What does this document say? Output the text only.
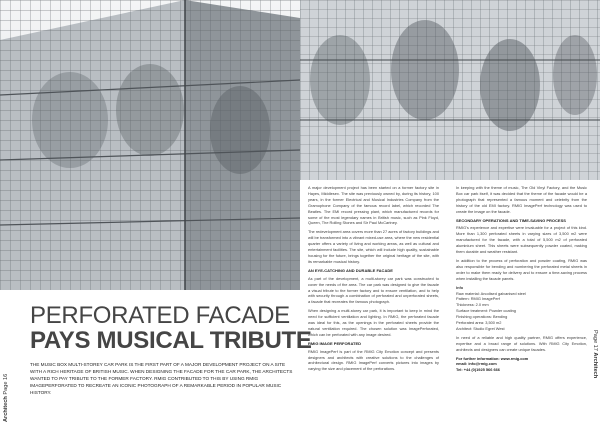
Architech Page 16
Page 17 Architech
PERFORATED FACADE
PAYS MUSICAL TRIBUTE
THE MUSIC BOX MULTI-STOREY CAR PARK IS THE FIRST PART OF A MAJOR DEVELOPMENT PROJECT ON A SITE WITH A RICH HERITAGE OF BRITISH MUSIC. WHEN DESIGNING THE FACADE FOR THE CAR PARK, THE ARCHITECTS WANTED TO PAY TRIBUTE TO THE FORMER FACTORY. RMIG CONTRIBUTED TO THIS BY USING RMIG IMAGEPERFORATED TO RECREATE AN ICONIC PHOTOGRAPH OF A REMARKABLE PERIOD IN POPULAR MUSIC HISTORY.

A major development project has been started on a former factory site in Hayes, Middlesex. The site was previously owned by, during its history, 100 years, in the former Electrical and Musical Industries Company from the Gramophone Company of the famous record label, which recorded The Beatles. The EMI record pressing plant, which manufactured records for some of the most legendary names in British music, such as Pink Floyd, Queen, The Rolling Stones and Sir Paul McCartney.

The redevelopment area covers more than 27 acres of factory buildings and will be transformed into a vibrant mixed-use area, where the new residential quarter offers a variety of living and working areas, as well as cultural and entertainment facilities. The site, which will include high quality, sustainable housing for the future, brings together the original heritage of the site, with its remarkable musical history.

AN EYE-CATCHING AND DURABLE FACADE

As part of the development, a multi-storey car park was constructed to cover the needs of the area. The car park was designed to give the facade a visual tribute to the former factory and to ensure ventilation, and to help with security through a combination of perforated and unperforated sheets, a facade that recreates the famous photograph.

When designing a multi-storey car park, it is important to keep in mind the need for sufficient ventilation and lighting. In RMIG, the perforated facade was ideal for this, as the openings in the perforated sheets provide the natural ventilation required. The chosen solution was ImagePerforated, which can be perforated with any image desired.

RMIG IMAGE PERFORATED

RMIG ImagePerf is part of the RMIG City Emotion concept and presents designers and architects with creative solutions to the challenges of architectural design. RMIG ImagePerf converts pictures into images by varying the size and placement of the perforations.

In keeping with the theme of music, The Old Vinyl Factory, and the Music Box car park itself, it was decided that the theme of the facade would be a photograph that represented a famous moment and celebrity from the history of the old EMI factory. RMIG ImagePerf technology was used to create the image on the facade.

SECONDARY OPERATIONS AND TIME-SAVING PROCESS

RMIG's experience and expertise were invaluable for a project of this kind. More than 1,300 perforated sheets in varying sizes of 3,500 m2 were manufactured for the facade, with a total of 5,500 m2 of perforated aluminium sheet. This sheets were subsequently powder coated, making them durable and weather resistant.

In addition to the process of perforation and powder coating, RMIG was also responsible for bending and numbering the perforated metal sheets in order to make them ready for delivery and to ensure a time-saving process when installing the facade panels.

Info
Raw material: Anodised galvanised steel
Pattern: RMIG ImagePerf
Thickness: 2.0 mm
Surface treatment: Powder coating
Finishing operations: Bending
Perforated area: 3,500 m2
Architect: Studio Egret West

In need of a reliable and high quality partner, RMIG offers experience, expertise and a broad range of solutions. With RMIG City Emotion, architects and designers can create unique facades.

For further information: www.rmig.com
email: info@rmig.com
Tel: +44 (0)1925 566 666
